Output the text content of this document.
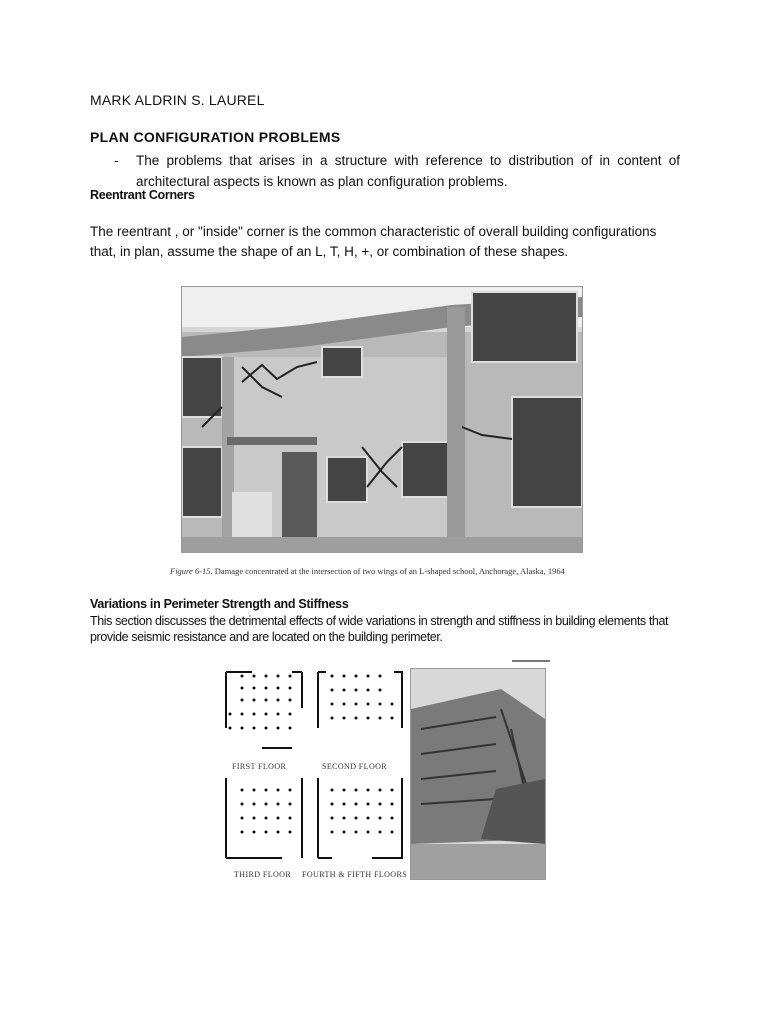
MARK ALDRIN S. LAUREL
PLAN CONFIGURATION PROBLEMS
- The problems that arises in a structure with reference to distribution of in content of architectural aspects is known as plan configuration problems.
Reentrant Corners
The reentrant , or "inside" corner is the common characteristic of overall building configurations that, in plan, assume the shape of an L, T, H, +, or combination of these shapes.
Figure 6-15. Damage concentrated at the intersection of two wings of an L-shaped school, Anchorage, Alaska, 1964
Variations in Perimeter Strength and Stiffness
This section discusses the detrimental effects of wide variations in strength and stiffness in building elements that provide seismic resistance and are located on the building perimeter.
FIRST FLOOR	SECOND FLOOR
THIRD FLOOR FOURTH & FIFTH FLOORS
